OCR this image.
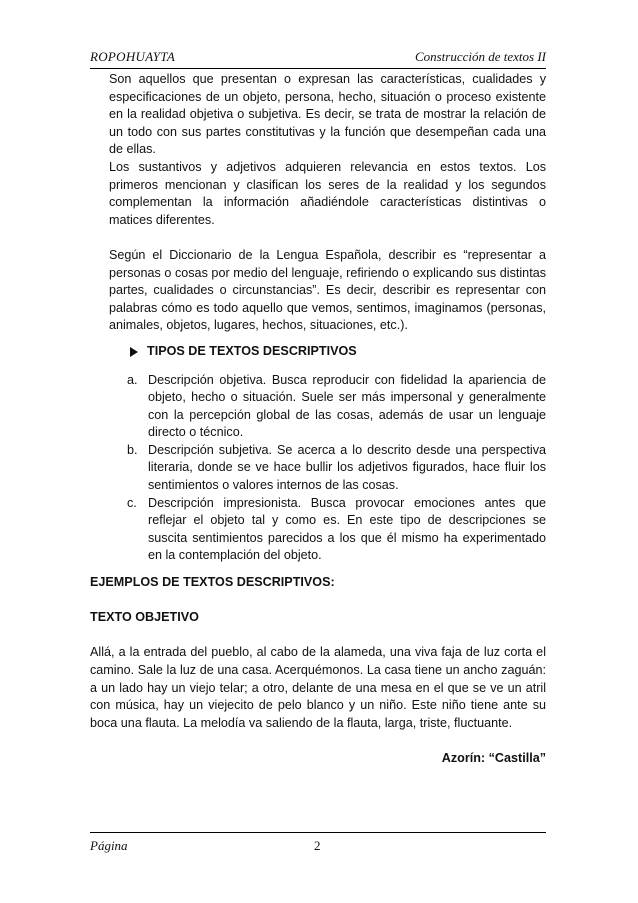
ROPOHUAYTA	Construcción de textos II

Son aquellos que presentan o expresan las características, cualidades y especificaciones de un objeto, persona, hecho, situación o proceso existente en la realidad objetiva o subjetiva. Es decir, se trata de mostrar la relación de un todo con sus partes constitutivas y la función que desempeñan cada una de ellas.

Los sustantivos y adjetivos adquieren relevancia en estos textos. Los primeros mencionan y clasifican los seres de la realidad y los segundos complementan la información añadiéndole características distintivas o matices diferentes.

Según el Diccionario de la Lengua Española, describir es “representar a personas o cosas por medio del lenguaje, refiriendo o explicando sus distintas partes, cualidades o circunstancias”. Es decir, describir es representar con palabras cómo es todo aquello que vemos, sentimos, imaginamos (personas, animales, objetos, lugares, hechos, situaciones, etc.).

TIPOS DE TEXTOS DESCRIPTIVOS
a. Descripción objetiva. Busca reproducir con fidelidad la apariencia de objeto, hecho o situación. Suele ser más impersonal y generalmente con la percepción global de las cosas, además de usar un lenguaje directo o técnico.
b. Descripción subjetiva. Se acerca a lo descrito desde una perspectiva literaria, donde se ve hace bullir los adjetivos figurados, hace fluir los sentimientos o valores internos de las cosas.
c. Descripción impresionista. Busca provocar emociones antes que reflejar el objeto tal y como es. En este tipo de descripciones se suscita sentimientos parecidos a los que él mismo ha experimentado en la contemplación del objeto.

EJEMPLOS DE TEXTOS DESCRIPTIVOS:

TEXTO OBJETIVO

Allá, a la entrada del pueblo, al cabo de la alameda, una viva faja de luz corta el camino. Sale la luz de una casa. Acerquémonos. La casa tiene un ancho zaguán: a un lado hay un viejo telar; a otro, delante de una mesa en el que se ve un atril con música, hay un viejecito de pelo blanco y un niño. Este niño tiene ante su boca una flauta. La melodía va saliendo de la flauta, larga, triste, fluctuante.

Azorín: “Castilla”

Página	2
